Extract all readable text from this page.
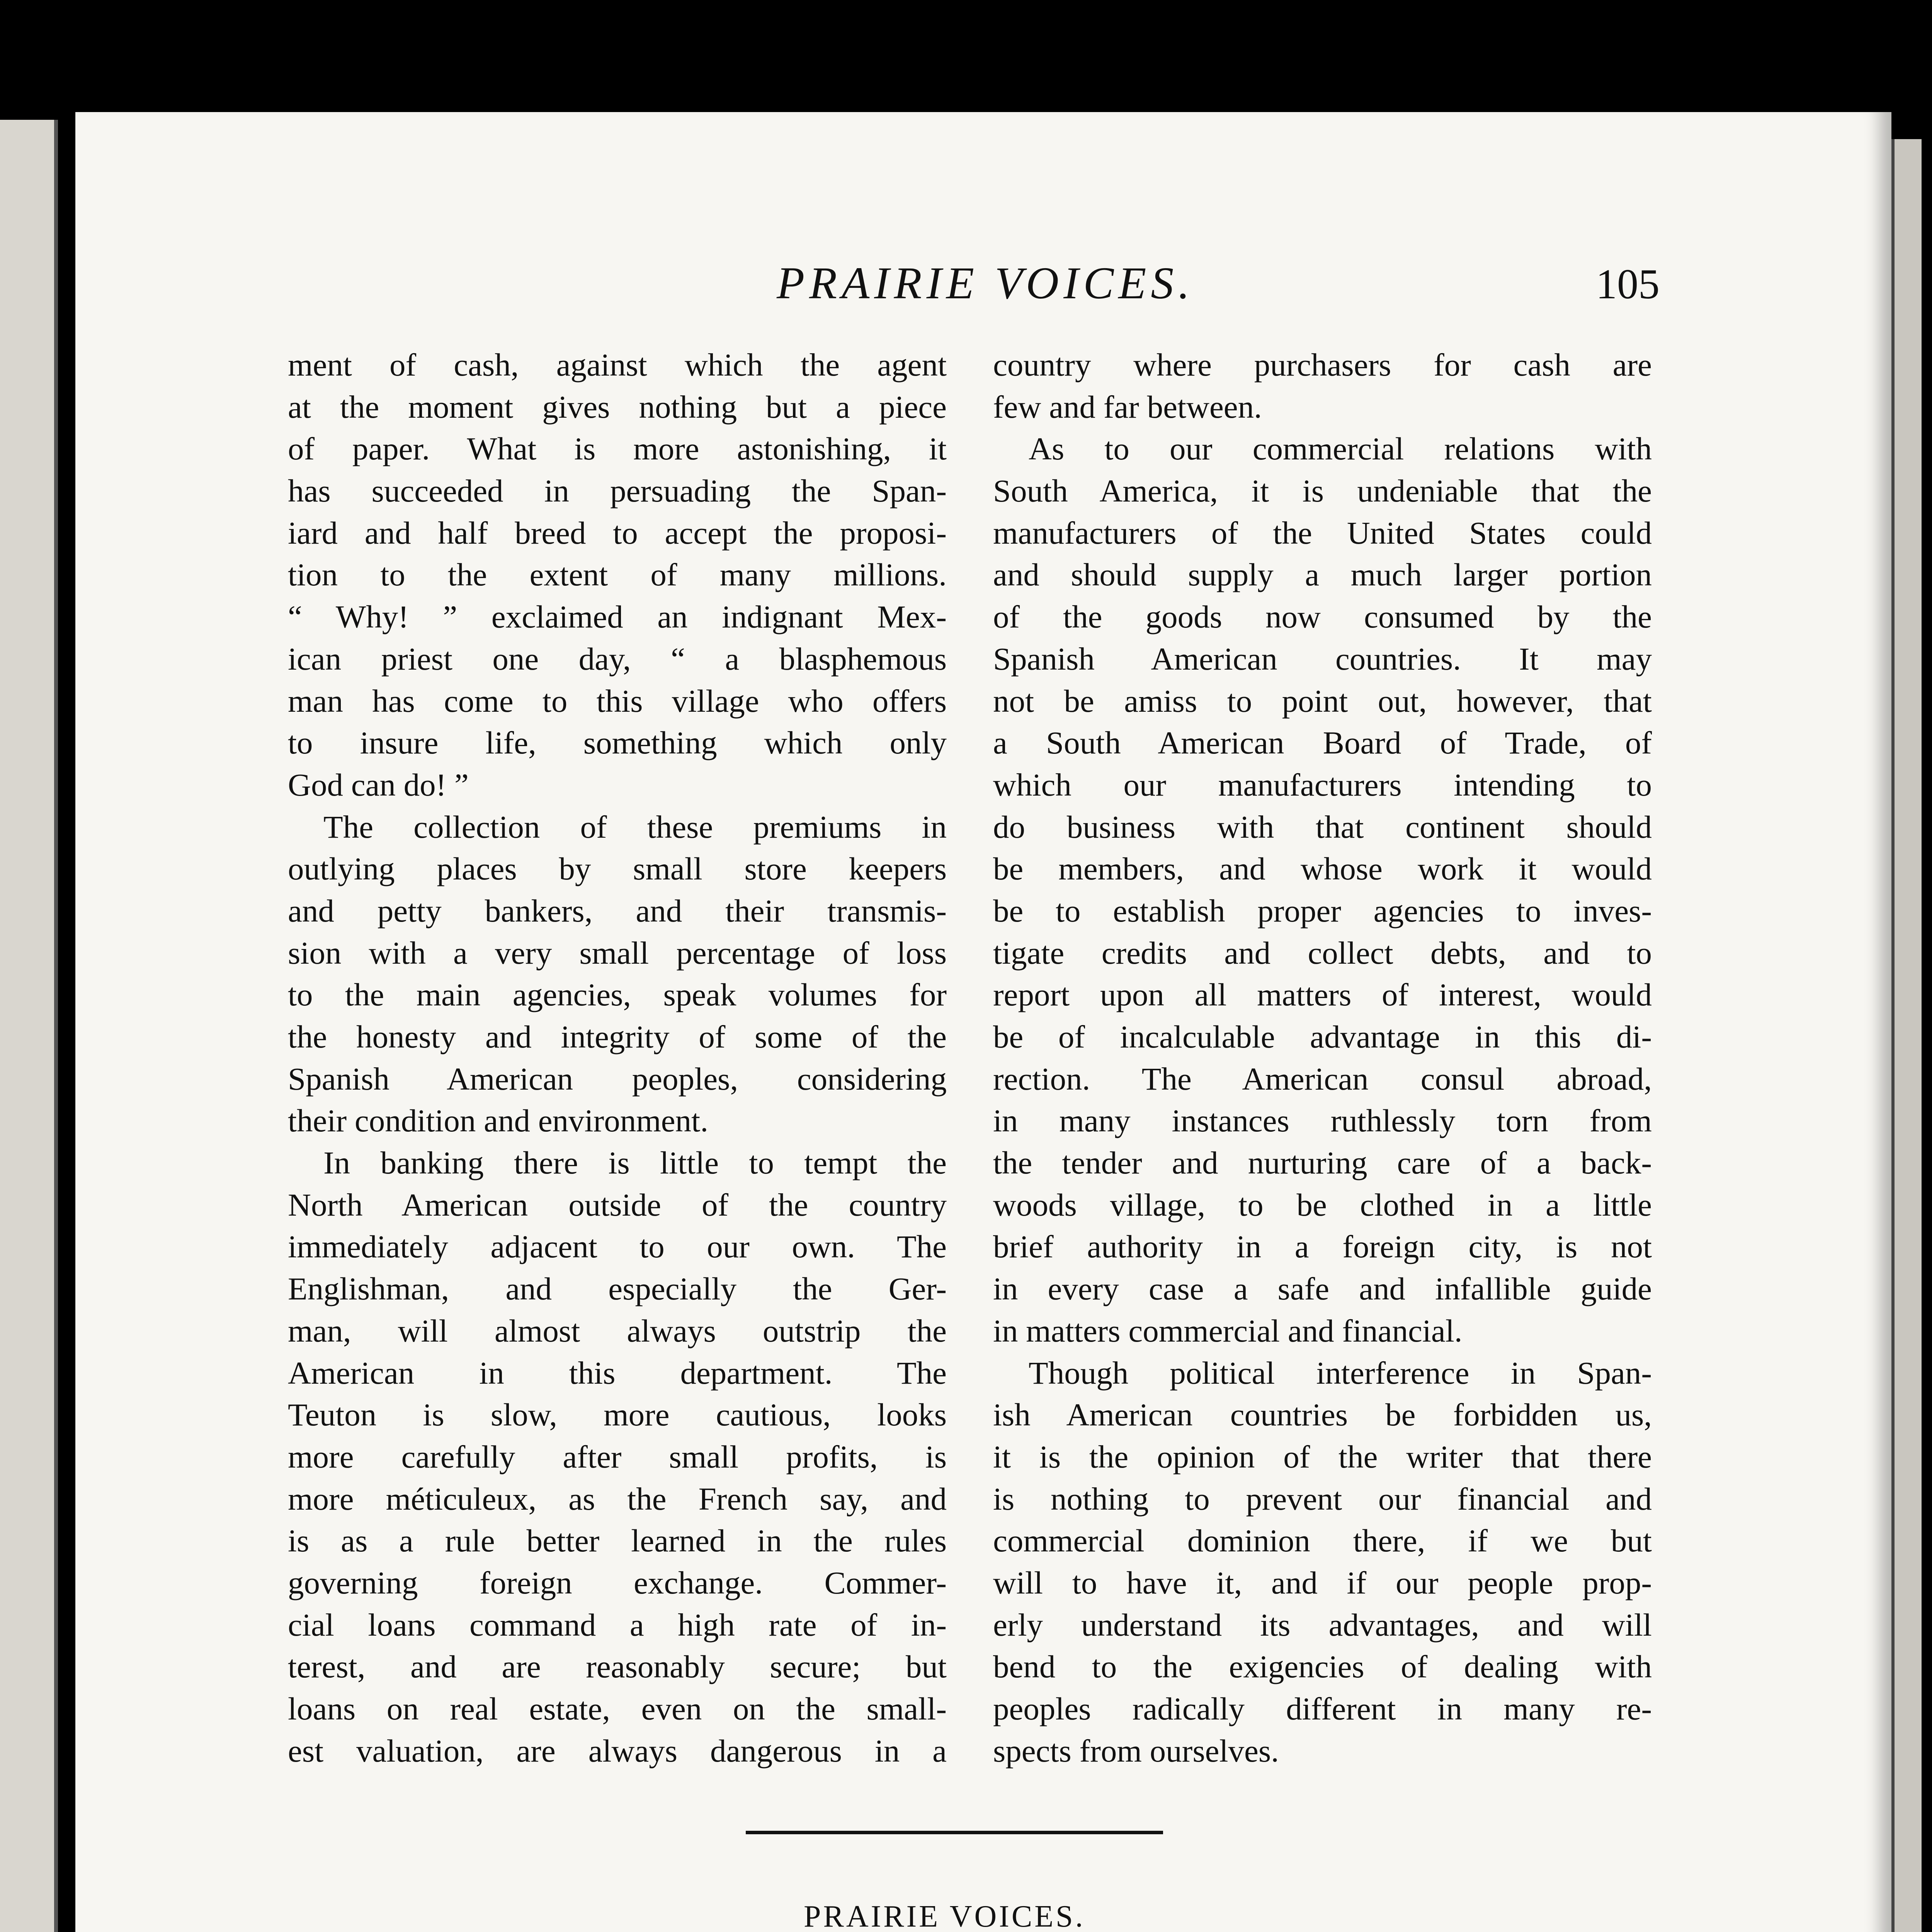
PRAIRIE VOICES.	105
ment of cash, against which the agent
at the moment gives nothing but a piece
of paper. What is more astonishing, it
has succeeded in persuading the Span-
iard and half breed to accept the proposi-
tion to the extent of many millions.
“ Why! ” exclaimed an indignant Mex-
ican priest one day, “ a blasphemous
man has come to this village who offers
to insure life, something which only
God can do! ”
The collection of these premiums in
outlying places by small store keepers
and petty bankers, and their transmis-
sion with a very small percentage of loss
to the main agencies, speak volumes for
the honesty and integrity of some of the
Spanish American peoples, considering
their condition and environment.
In banking there is little to tempt the
North American outside of the country
immediately adjacent to our own. The
Englishman, and especially the Ger-
man, will almost always outstrip the
American in this department. The
Teuton is slow, more cautious, looks
more carefully after small profits, is
more méticuleux, as the French say, and
is as a rule better learned in the rules
governing foreign exchange. Commer-
cial loans command a high rate of in-
terest, and are reasonably secure; but
loans on real estate, even on the small-
est valuation, are always dangerous in a
country where purchasers for cash are
few and far between.
As to our commercial relations with
South America, it is undeniable that the
manufacturers of the United States could
and should supply a much larger portion
of the goods now consumed by the
Spanish American countries. It may
not be amiss to point out, however, that
a South American Board of Trade, of
which our manufacturers intending to
do business with that continent should
be members, and whose work it would
be to establish proper agencies to inves-
tigate credits and collect debts, and to
report upon all matters of interest, would
be of incalculable advantage in this di-
rection. The American consul abroad,
in many instances ruthlessly torn from
the tender and nurturing care of a back-
woods village, to be clothed in a little
brief authority in a foreign city, is not
in every case a safe and infallible guide
in matters commercial and financial.
Though political interference in Span-
ish American countries be forbidden us,
it is the opinion of the writer that there
is nothing to prevent our financial and
commercial dominion there, if we but
will to have it, and if our people prop-
erly understand its advantages, and will
bend to the exigencies of dealing with
peoples radically different in many re-
spects from ourselves.
PRAIRIE VOICES.
